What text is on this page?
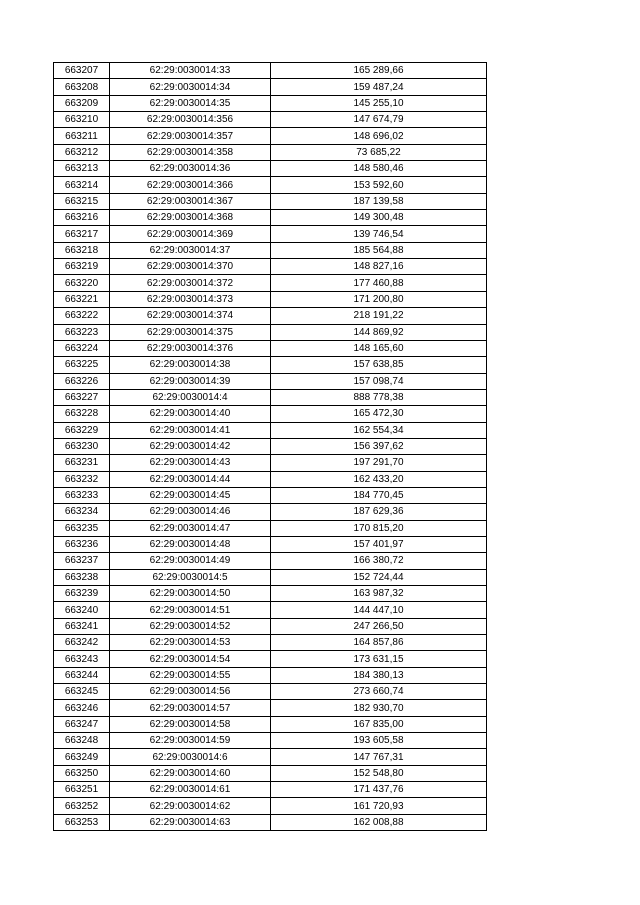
663207	62:29:0030014:33	165 289,66
663208	62:29:0030014:34	159 487,24
663209	62:29:0030014:35	145 255,10
663210	62:29:0030014:356	147 674,79
663211	62:29:0030014:357	148 696,02
663212	62:29:0030014:358	73 685,22
663213	62:29:0030014:36	148 580,46
663214	62:29:0030014:366	153 592,60
663215	62:29:0030014:367	187 139,58
663216	62:29:0030014:368	149 300,48
663217	62:29:0030014:369	139 746,54
663218	62:29:0030014:37	185 564,88
663219	62:29:0030014:370	148 827,16
663220	62:29:0030014:372	177 460,88
663221	62:29:0030014:373	171 200,80
663222	62:29:0030014:374	218 191,22
663223	62:29:0030014:375	144 869,92
663224	62:29:0030014:376	148 165,60
663225	62:29:0030014:38	157 638,85
663226	62:29:0030014:39	157 098,74
663227	62:29:0030014:4	888 778,38
663228	62:29:0030014:40	165 472,30
663229	62:29:0030014:41	162 554,34
663230	62:29:0030014:42	156 397,62
663231	62:29:0030014:43	197 291,70
663232	62:29:0030014:44	162 433,20
663233	62:29:0030014:45	184 770,45
663234	62:29:0030014:46	187 629,36
663235	62:29:0030014:47	170 815,20
663236	62:29:0030014:48	157 401,97
663237	62:29:0030014:49	166 380,72
663238	62:29:0030014:5	152 724,44
663239	62:29:0030014:50	163 987,32
663240	62:29:0030014:51	144 447,10
663241	62:29:0030014:52	247 266,50
663242	62:29:0030014:53	164 857,86
663243	62:29:0030014:54	173 631,15
663244	62:29:0030014:55	184 380,13
663245	62:29:0030014:56	273 660,74
663246	62:29:0030014:57	182 930,70
663247	62:29:0030014:58	167 835,00
663248	62:29:0030014:59	193 605,58
663249	62:29:0030014:6	147 767,31
663250	62:29:0030014:60	152 548,80
663251	62:29:0030014:61	171 437,76
663252	62:29:0030014:62	161 720,93
663253	62:29:0030014:63	162 008,88
